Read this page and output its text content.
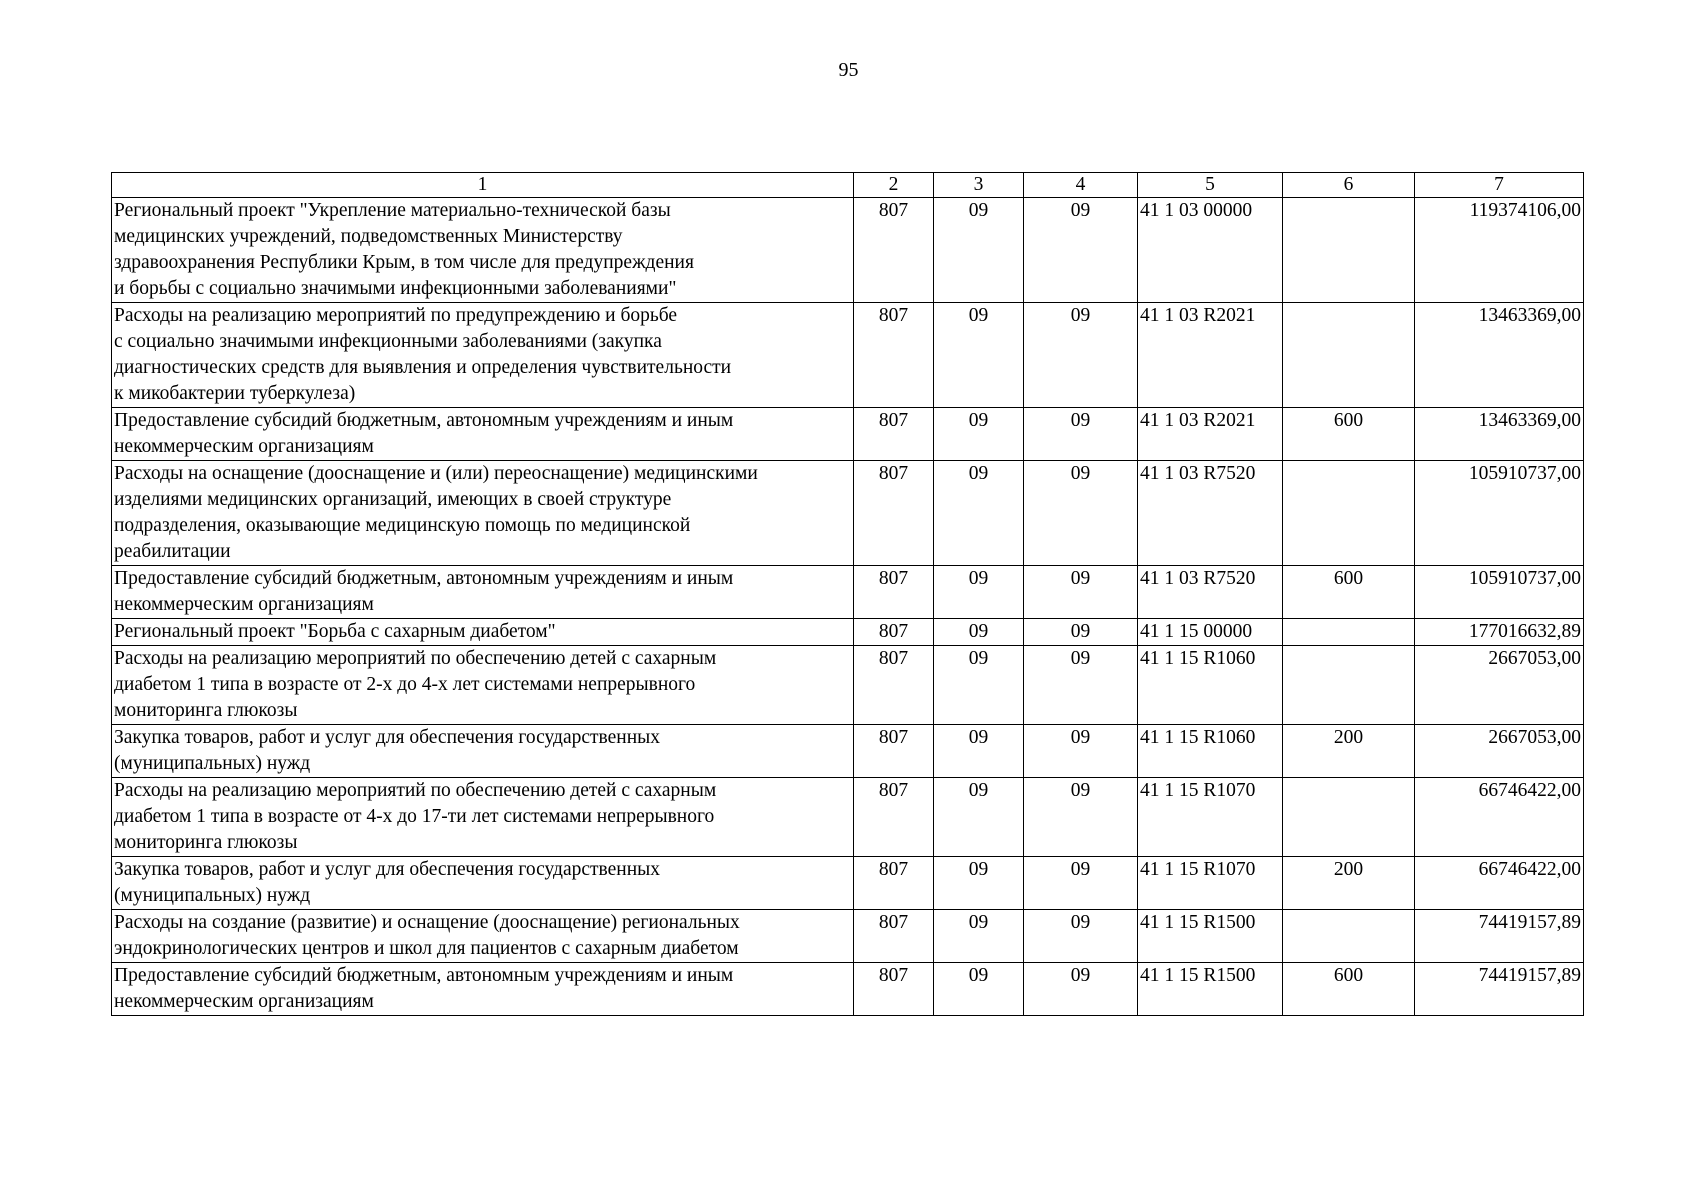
95
1	2	3	4	5	6	7
Региональный проект "Укрепление материально-технической базы
медицинских учреждений, подведомственных Министерству
здравоохранения Республики Крым, в том числе для предупреждения
и борьбы с социально значимыми инфекционными заболеваниями"	807	09	09	41 1 03 00000		119374106,00
Расходы на реализацию мероприятий по предупреждению и борьбе
с социально значимыми инфекционными заболеваниями (закупка
диагностических средств для выявления и определения чувствительности
к микобактерии туберкулеза)	807	09	09	41 1 03 R2021		13463369,00
Предоставление субсидий бюджетным, автономным учреждениям и иным
некоммерческим организациям	807	09	09	41 1 03 R2021	600	13463369,00
Расходы на оснащение (дооснащение и (или) переоснащение) медицинскими
изделиями медицинских организаций, имеющих в своей структуре
подразделения, оказывающие медицинскую помощь по медицинской
реабилитации	807	09	09	41 1 03 R7520		105910737,00
Предоставление субсидий бюджетным, автономным учреждениям и иным
некоммерческим организациям	807	09	09	41 1 03 R7520	600	105910737,00
Региональный проект "Борьба с сахарным диабетом"	807	09	09	41 1 15 00000		177016632,89
Расходы на реализацию мероприятий по обеспечению детей с сахарным
диабетом 1 типа в возрасте от 2-х до 4-х лет системами непрерывного
мониторинга глюкозы	807	09	09	41 1 15 R1060		2667053,00
Закупка товаров, работ и услуг для обеспечения государственных
(муниципальных) нужд	807	09	09	41 1 15 R1060	200	2667053,00
Расходы на реализацию мероприятий по обеспечению детей с сахарным
диабетом 1 типа в возрасте от 4-х до 17-ти лет системами непрерывного
мониторинга глюкозы	807	09	09	41 1 15 R1070		66746422,00
Закупка товаров, работ и услуг для обеспечения государственных
(муниципальных) нужд	807	09	09	41 1 15 R1070	200	66746422,00
Расходы на создание (развитие) и оснащение (дооснащение) региональных
эндокринологических центров и школ для пациентов с сахарным диабетом	807	09	09	41 1 15 R1500		74419157,89
Предоставление субсидий бюджетным, автономным учреждениям и иным
некоммерческим организациям	807	09	09	41 1 15 R1500	600	74419157,89
